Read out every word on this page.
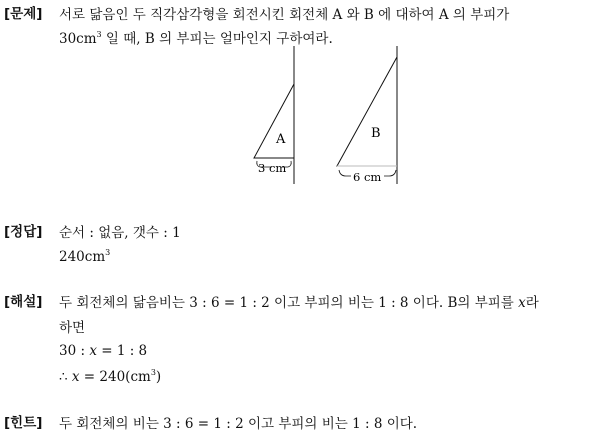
[문제] 서로 닮음인 두 직각삼각형을 회전시킨 회전체 A 와 B 에 대하여 A 의 부피가
$30cm^3$ 일 때, B 의 부피는 얼마인지 구하여라.
A
3 cm
B
6 cm
[정답] 순서 : 없음, 갯수 : 1
$240cm^3$
[해설] 두 회전체의 닮음비는 3 : 6 = 1 : 2 이고 부피의 비는 1 : 8 이다. B의 부피를 x라
하면
30 : x = 1 : 8
∴ $x = 240(cm^3)$
[힌트] 두 회전체의 비는 3 : 6 = 1 : 2 이고 부피의 비는 1 : 8 이다.
